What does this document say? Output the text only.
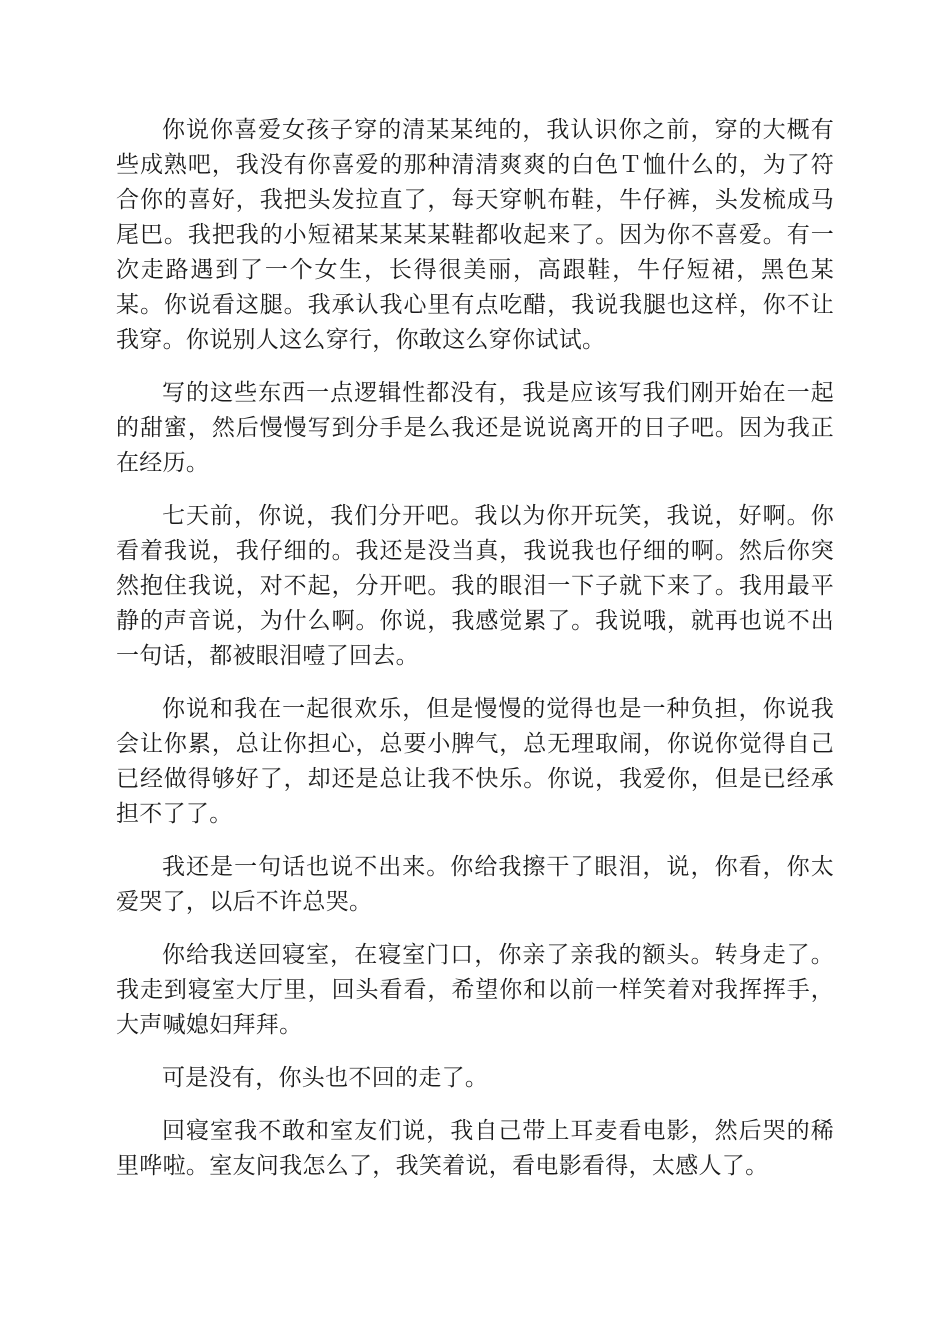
你说你喜爱女孩子穿的清某某纯的，我认识你之前，穿的大概有些成熟吧，我没有你喜爱的那种清清爽爽的白色Ｔ恤什么的，为了符合你的喜好，我把头发拉直了，每天穿帆布鞋，牛仔裤，头发梳成马尾巴。我把我的小短裙某某某某鞋都收起来了。因为你不喜爱。有一次走路遇到了一个女生，长得很美丽，高跟鞋，牛仔短裙，黑色某某。你说看这腿。我承认我心里有点吃醋，我说我腿也这样，你不让我穿。你说别人这么穿行，你敢这么穿你试试。

写的这些东西一点逻辑性都没有，我是应该写我们刚开始在一起的甜蜜，然后慢慢写到分手是么我还是说说离开的日子吧。因为我正在经历。

七天前，你说，我们分开吧。我以为你开玩笑，我说，好啊。你看着我说，我仔细的。我还是没当真，我说我也仔细的啊。然后你突然抱住我说，对不起，分开吧。我的眼泪一下子就下来了。我用最平静的声音说，为什么啊。你说，我感觉累了。我说哦，就再也说不出一句话，都被眼泪噎了回去。

你说和我在一起很欢乐，但是慢慢的觉得也是一种负担，你说我会让你累，总让你担心，总要小脾气，总无理取闹，你说你觉得自己已经做得够好了，却还是总让我不快乐。你说，我爱你，但是已经承担不了了。

我还是一句话也说不出来。你给我擦干了眼泪，说，你看，你太爱哭了，以后不许总哭。

你给我送回寝室，在寝室门口，你亲了亲我的额头。转身走了。我走到寝室大厅里，回头看看，希望你和以前一样笑着对我挥挥手，大声喊媳妇拜拜。

可是没有，你头也不回的走了。

回寝室我不敢和室友们说，我自己带上耳麦看电影，然后哭的稀里哗啦。室友问我怎么了，我笑着说，看电影看得，太感人了。
